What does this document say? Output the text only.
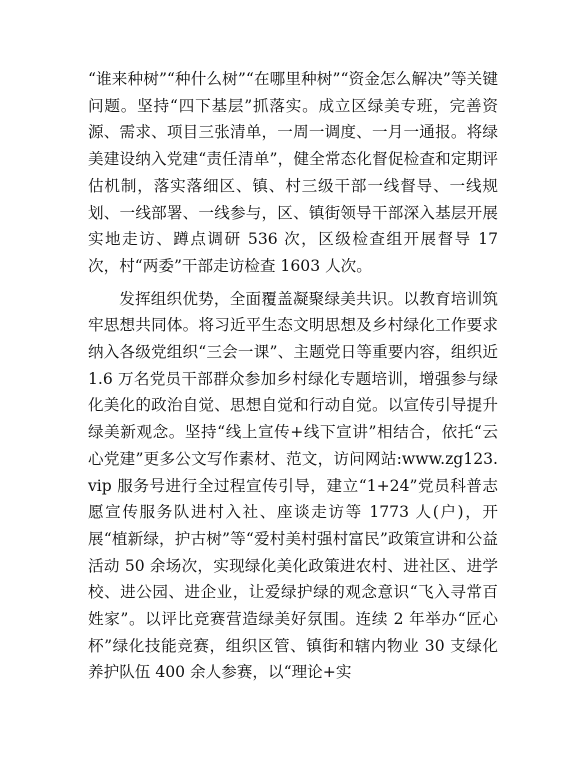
“谁来种树”“种什么树”“在哪里种树”“资金怎么解决”等关键问题。坚持“四下基层”抓落实。成立区绿美专班，完善资源、需求、项目三张清单，一周一调度、一月一通报。将绿美建设纳入党建“责任清单”，健全常态化督促检查和定期评估机制，落实落细区、镇、村三级干部一线督导、一线规划、一线部署、一线参与，区、镇街领导干部深入基层开展实地走访、蹲点调研 536 次，区级检查组开展督导 17 次，村“两委”干部走访检查 1603 人次。

发挥组织优势，全面覆盖凝聚绿美共识。以教育培训筑牢思想共同体。将习近平生态文明思想及乡村绿化工作要求纳入各级党组织“三会一课”、主题党日等重要内容，组织近 1.6 万名党员干部群众参加乡村绿化专题培训，增强参与绿化美化的政治自觉、思想自觉和行动自觉。以宣传引导提升绿美新观念。坚持“线上宣传+线下宣讲”相结合，依托“云心党建”更多公文写作素材、范文，访问网站:www.zg123.vip 服务号进行全过程宣传引导，建立“1+24”党员科普志愿宣传服务队进村入社、座谈走访等 1773 人(户)，开展“植新绿，护古树”等“爱村美村强村富民”政策宣讲和公益活动 50 余场次，实现绿化美化政策进农村、进社区、进学校、进公园、进企业，让爱绿护绿的观念意识“飞入寻常百姓家”。以评比竞赛营造绿美好氛围。连续 2 年举办“匠心杯”绿化技能竞赛，组织区管、镇街和辖内物业 30 支绿化养护队伍 400 余人参赛，以“理论+实
